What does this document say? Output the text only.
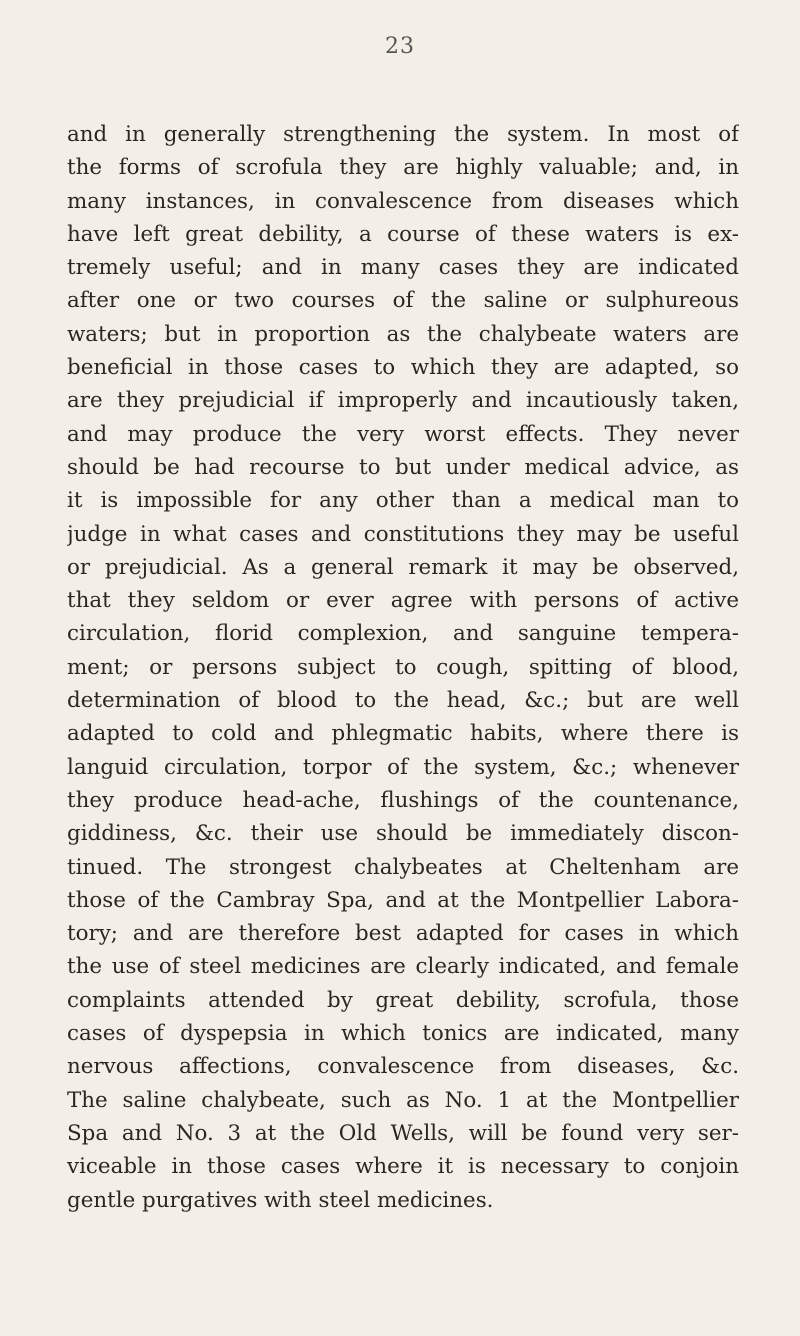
23
and in generally strengthening the system. In most of
the forms of scrofula they are highly valuable; and, in
many instances, in convalescence from diseases which
have left great debility, a course of these waters is ex-
tremely useful; and in many cases they are indicated
after one or two courses of the saline or sulphureous
waters; but in proportion as the chalybeate waters are
beneficial in those cases to which they are adapted, so
are they prejudicial if improperly and incautiously taken,
and may produce the very worst effects. They never
should be had recourse to but under medical advice, as
it is impossible for any other than a medical man to
judge in what cases and constitutions they may be useful
or prejudicial. As a general remark it may be observed,
that they seldom or ever agree with persons of active
circulation, florid complexion, and sanguine tempera-
ment; or persons subject to cough, spitting of blood,
determination of blood to the head, &c.; but are well
adapted to cold and phlegmatic habits, where there is
languid circulation, torpor of the system, &c.; whenever
they produce head-ache, flushings of the countenance,
giddiness, &c. their use should be immediately discon-
tinued. The strongest chalybeates at Cheltenham are
those of the Cambray Spa, and at the Montpellier Labora-
tory; and are therefore best adapted for cases in which
the use of steel medicines are clearly indicated, and female
complaints attended by great debility, scrofula, those
cases of dyspepsia in which tonics are indicated, many
nervous affections, convalescence from diseases, &c.
The saline chalybeate, such as No. 1 at the Montpellier
Spa and No. 3 at the Old Wells, will be found very ser-
viceable in those cases where it is necessary to conjoin
gentle purgatives with steel medicines.
